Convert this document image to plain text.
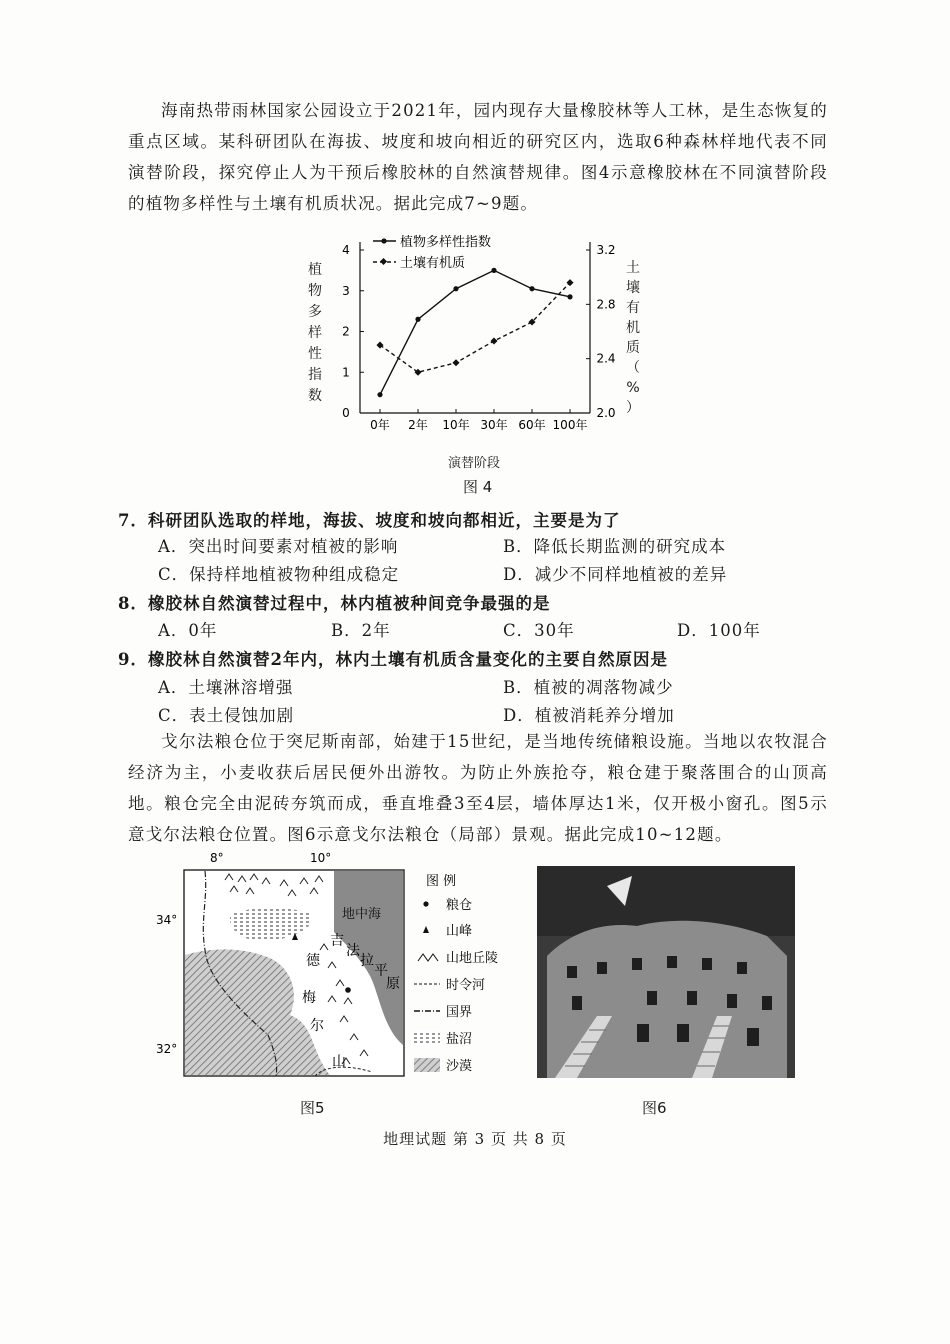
海南热带雨林国家公园设立于2021年，园内现存大量橡胶林等人工林，是生态恢复的重点区域。某科研团队在海拔、坡度和坡向相近的研究区内，选取6种森林样地代表不同演替阶段，探究停止人为干预后橡胶林的自然演替规律。图4示意橡胶林在不同演替阶段的植物多样性与土壤有机质状况。据此完成7~9题。
0
1
2
3
4
2.0
2.4
2.8
3.2
0年 2年 10年 30年 60年 100年
植物多样性指数
土壤有机质
植
物
多
样
性
指
数
土
壤
有
机
质
（
%
）
演替阶段
图 4
7．科研团队选取的样地，海拔、坡度和坡向都相近，主要是为了
A．突出时间要素对植被的影响	B．降低长期监测的研究成本
C．保持样地植被物种组成稳定	D．减少不同样地植被的差异
8．橡胶林自然演替过程中，林内植被种间竞争最强的是
A．0年	B．2年	C．30年	D．100年
9．橡胶林自然演替2年内，林内土壤有机质含量变化的主要自然原因是
A．土壤淋溶增强	B．植被的凋落物减少
C．表土侵蚀加剧	D．植被消耗养分增加
戈尔法粮仓位于突尼斯南部，始建于15世纪，是当地传统储粮设施。当地以农牧混合经济为主，小麦收获后居民便外出游牧。为防止外族抢夺，粮仓建于聚落围合的山顶高地。粮仓完全由泥砖夯筑而成，垂直堆叠3至4层，墙体厚达1米，仅开极小窗孔。图5示意戈尔法粮仓位置。图6示意戈尔法粮仓（局部）景观。据此完成10~12题。
8°	10°
34°
32°
地中海
吉
法
拉
平
原
德
梅
尔
山
图 例
粮仓
山峰
山地丘陵
时令河
国界
盐沼
沙漠
图5	图6
地理试题 第 3 页 共 8 页
